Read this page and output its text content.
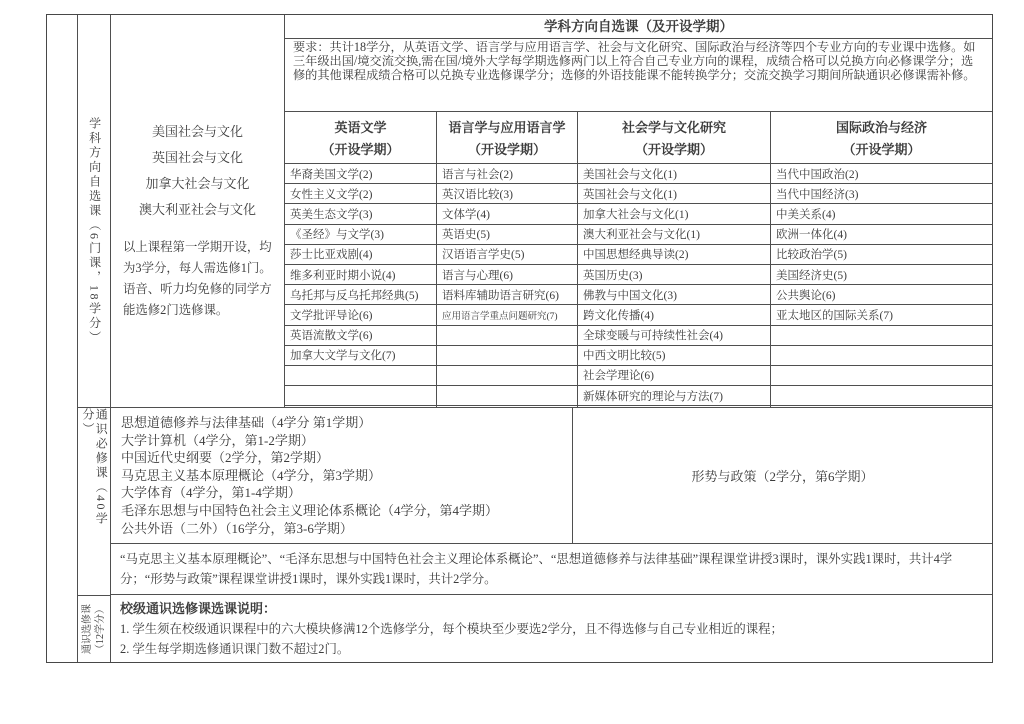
学科方向自选课（6门课，18学分）
通识必修课（40学分）
通识选修课 （12学分）
美国社会与文化
英国社会与文化
加拿大社会与文化
澳大利亚社会与文化
以上课程第一学期开设，均为3学分，每人需选修1门。语音、听力均免修的同学方能选修2门选修课。
学科方向自选课（及开设学期）
要求：共计18学分，从英语文学、语言学与应用语言学、社会与文化研究、国际政治与经济等四个专业方向的专业课中选修。如三年级出国/境交流交换,需在国/境外大学每学期选修两门以上符合自己专业方向的课程，成绩合格可以兑换方向必修课学分；选修的其他课程成绩合格可以兑换专业选修课学分；选修的外语技能课不能转换学分；交流交换学习期间所缺通识必修课需补修。
英语文学
（开设学期）
华裔美国文学(2)
女性主义文学(2)
英美生态文学(3)
《圣经》与文学(3)
莎士比亚戏剧(4)
维多利亚时期小说(4)
乌托邦与反乌托邦经典(5)
文学批评导论(6)
英语流散文学(6)
加拿大文学与文化(7)
语言学与应用语言学
（开设学期）
语言与社会(2)
英汉语比较(3)
文体学(4)
英语史(5)
汉语语言学史(5)
语言与心理(6)
语料库辅助语言研究(6)
应用语言学重点问题研究(7)
社会学与文化研究
（开设学期）
美国社会与文化(1)
英国社会与文化(1)
加拿大社会与文化(1)
澳大利亚社会与文化(1)
中国思想经典导读(2)
英国历史(3)
佛教与中国文化(3)
跨文化传播(4)
全球变暖与可持续性社会(4)
中西文明比较(5)
社会学理论(6)
新媒体研究的理论与方法(7)
国际政治与经济
（开设学期）
当代中国政治(2)
当代中国经济(3)
中美关系(4)
欧洲一体化(4)
比较政治学(5)
美国经济史(5)
公共舆论(6)
亚太地区的国际关系(7)
思想道德修养与法律基础（4学分 第1学期）
大学计算机（4学分，第1-2学期）
中国近代史纲要（2学分，第2学期）
马克思主义基本原理概论（4学分，第3学期）
大学体育（4学分，第1-4学期）
毛泽东思想与中国特色社会主义理论体系概论（4学分，第4学期）
公共外语（二外）（16学分，第3-6学期）
形势与政策（2学分，第6学期）
“马克思主义基本原理概论”、“毛泽东思想与中国特色社会主义理论体系概论”、“思想道德修养与法律基础”课程课堂讲授3课时，课外实践1课时，共计4学分；“形势与政策”课程课堂讲授1课时，课外实践1课时，共计2学分。
校级通识选修课选课说明：
1. 学生须在校级通识课程中的六大模块修满12个选修学分，每个模块至少要选2学分，且不得选修与自己专业相近的课程；
2. 学生每学期选修通识课门数不超过2门。
